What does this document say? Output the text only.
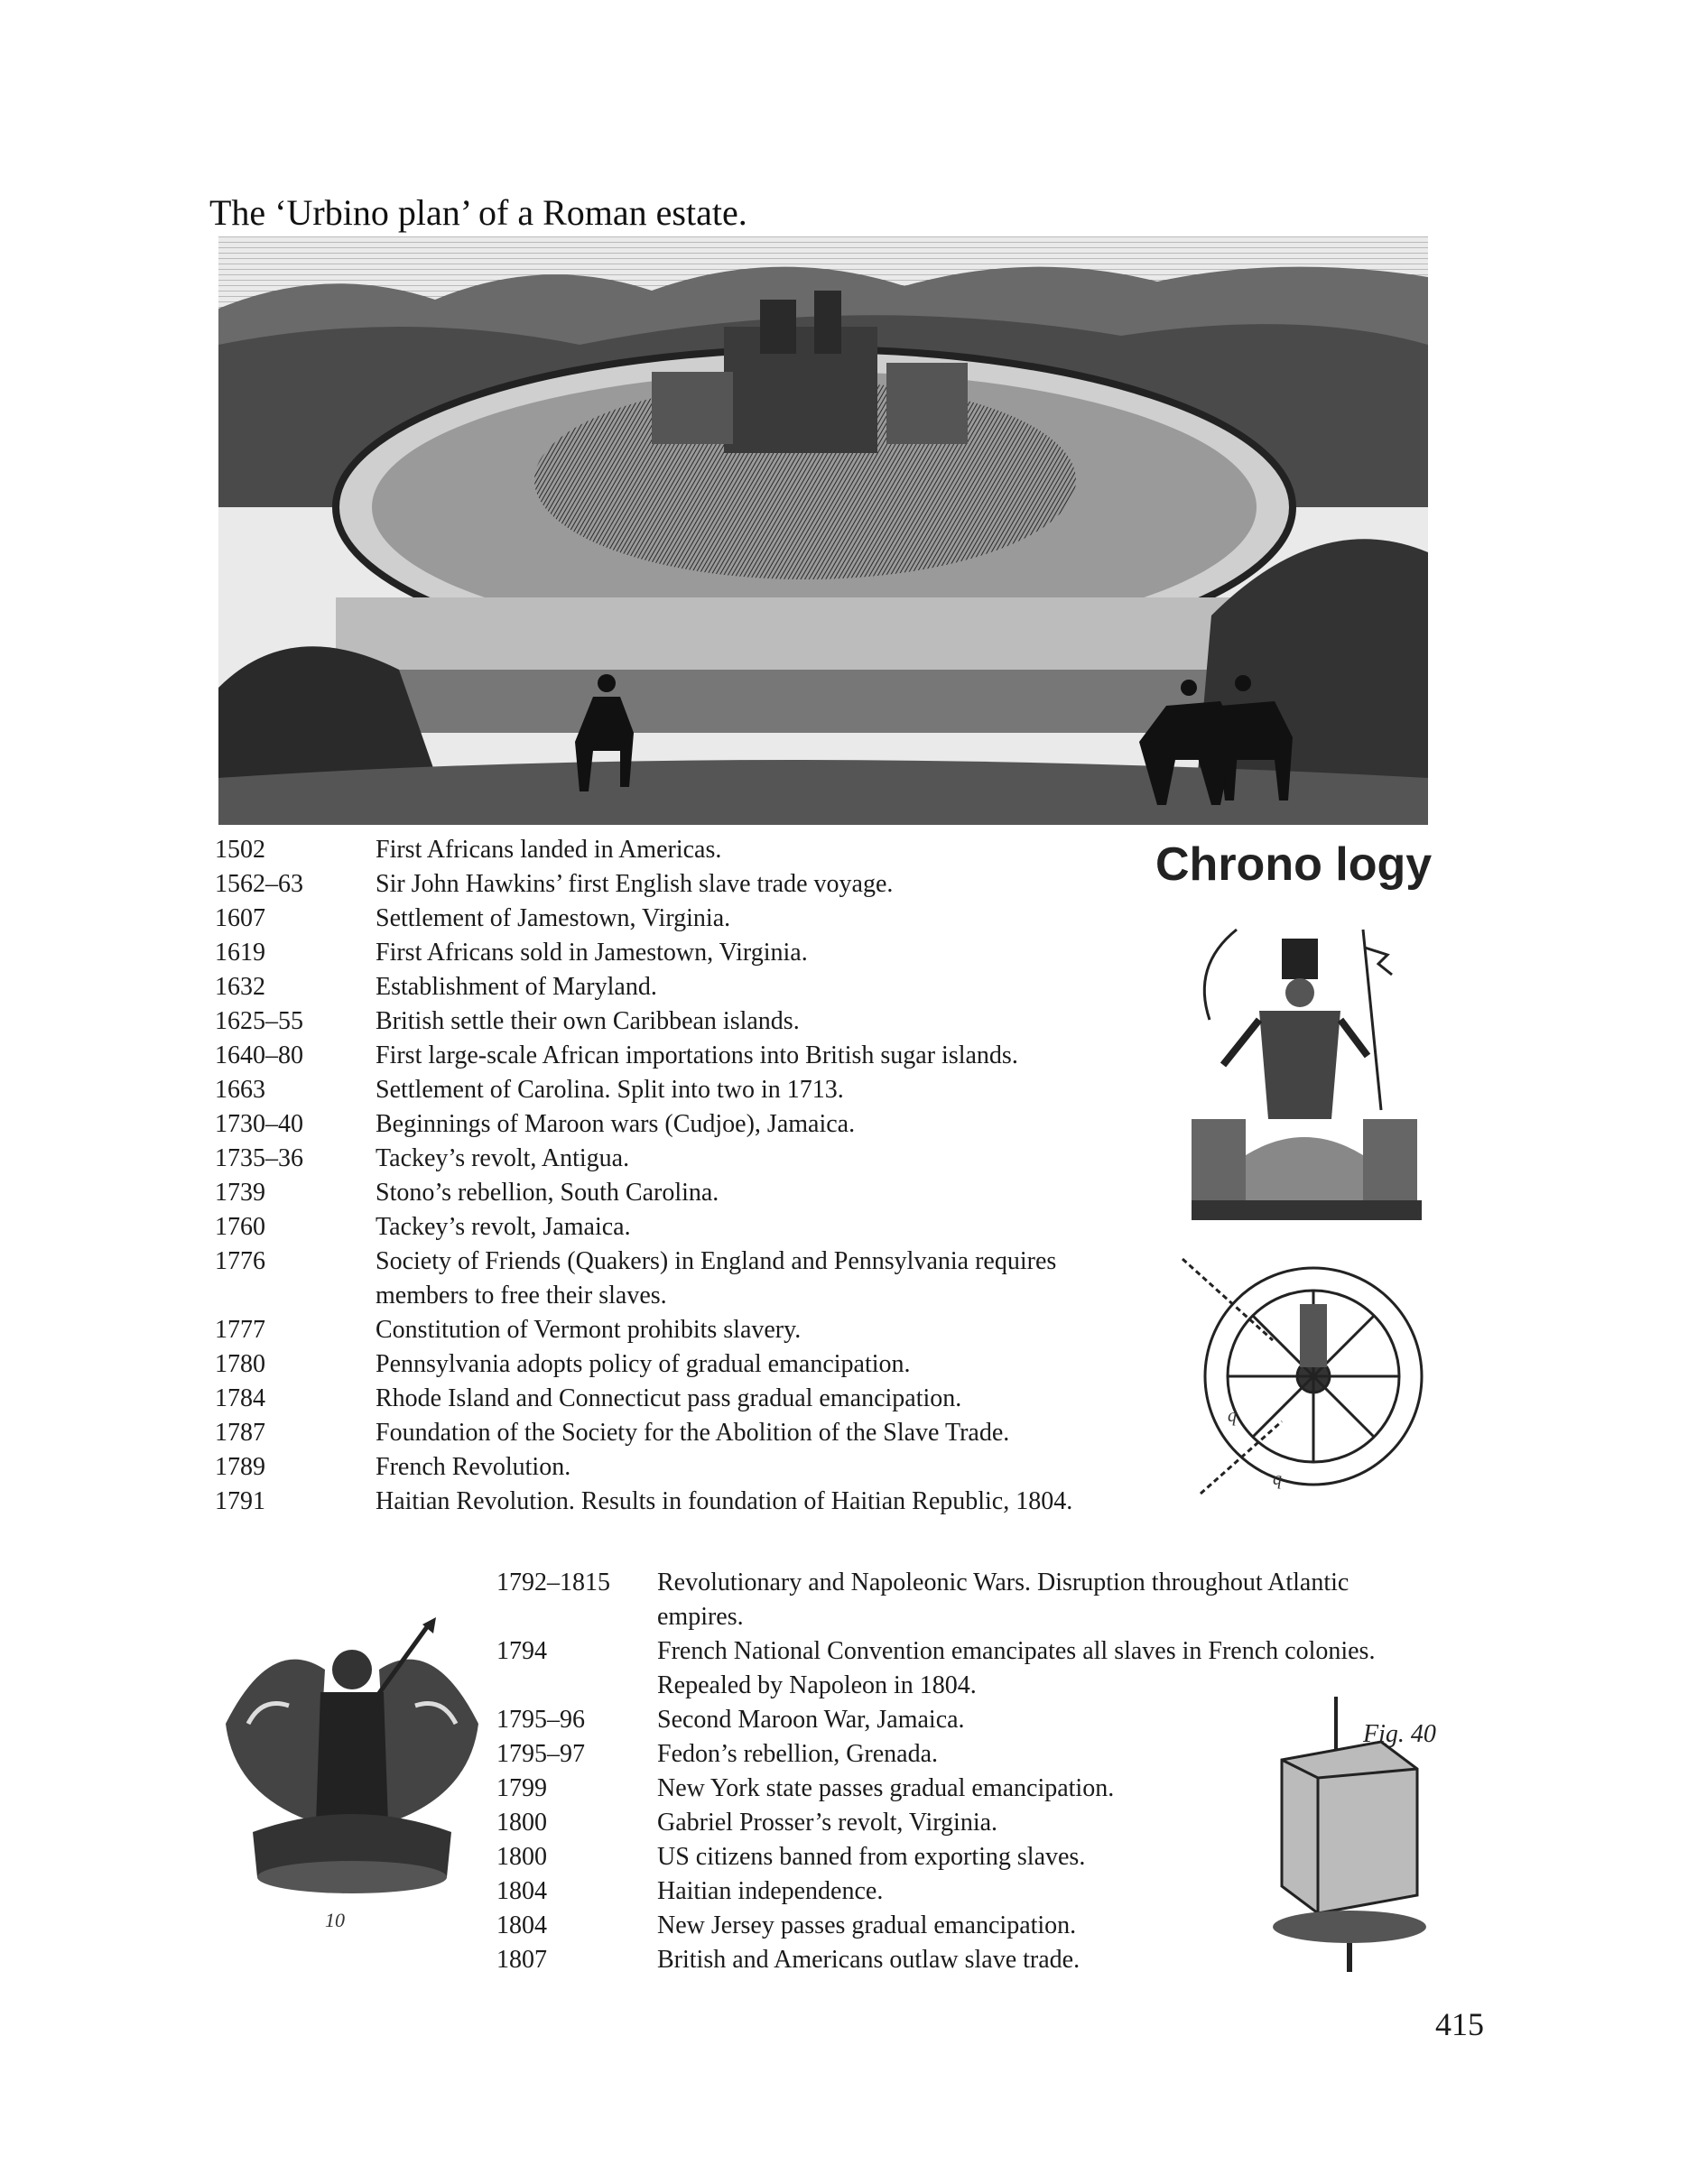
The ‘Urbino plan’ of a Roman estate.
Chrono logy
1502	First Africans landed in Americas.
1562–63	Sir John Hawkins’ first English slave trade voyage.
1607	Settlement of Jamestown, Virginia.
1619	First Africans sold in Jamestown, Virginia.
1632	Establishment of Maryland.
1625–55	British settle their own Caribbean islands.
1640–80	First large-scale African importations into British sugar islands.
1663	Settlement of Carolina. Split into two in 1713.
1730–40	Beginnings of Maroon wars (Cudjoe), Jamaica.
1735–36	Tackey’s revolt, Antigua.
1739	Stono’s rebellion, South Carolina.
1760	Tackey’s revolt, Jamaica.
1776	Society of Friends (Quakers) in England and Pennsylvania requires members to free their slaves.
1777	Constitution of Vermont prohibits slavery.
1780	Pennsylvania adopts policy of gradual emancipation.
1784	Rhode Island and Connecticut pass gradual emancipation.
1787	Foundation of the Society for the Abolition of the Slave Trade.
1789	French Revolution.
1791	Haitian Revolution. Results in foundation of Haitian Republic, 1804.
1792–1815 Revolutionary and Napoleonic Wars. Disruption throughout Atlantic empires.
1794	French National Convention emancipates all slaves in French colonies. Repealed by Napoleon in 1804.
1795–96	Second Maroon War, Jamaica.
1795–97	Fedon’s rebellion, Grenada.
1799	New York state passes gradual emancipation.
1800	Gabriel Prosser’s revolt, Virginia.
1800	US citizens banned from exporting slaves.
1804	Haitian independence.
1804	New Jersey passes gradual emancipation.
1807	British and Americans outlaw slave trade.
q
q
10
Fig. 40
415
